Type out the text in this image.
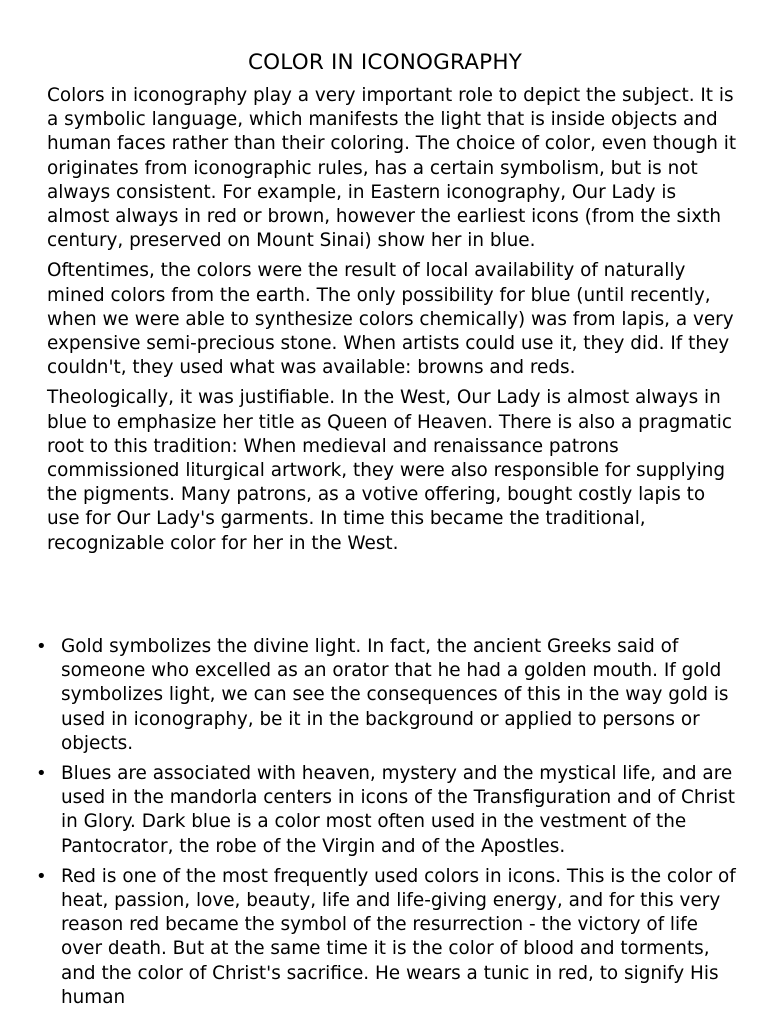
COLOR IN ICONOGRAPHY

Colors in iconography play a very important role to depict the subject. It is a symbolic language, which manifests the light that is inside objects and human faces rather than their coloring. The choice of color, even though it originates from iconographic rules, has a certain symbolism, but is not always consistent. For example, in Eastern iconography, Our Lady is almost always in red or brown, however the earliest icons (from the sixth century, preserved on Mount Sinai) show her in blue.

Oftentimes, the colors were the result of local availability of naturally mined colors from the earth. The only possibility for blue (until recently, when we were able to synthesize colors chemically) was from lapis, a very expensive semi-precious stone. When artists could use it, they did. If they couldn't, they used what was available: browns and reds.

Theologically, it was justifiable. In the West, Our Lady is almost always in blue to emphasize her title as Queen of Heaven. There is also a pragmatic root to this tradition: When medieval and renaissance patrons commissioned liturgical artwork, they were also responsible for supplying the pigments. Many patrons, as a votive offering, bought costly lapis to use for Our Lady's garments. In time this became the traditional, recognizable color for her in the West.

• Gold symbolizes the divine light. In fact, the ancient Greeks said of someone who excelled as an orator that he had a golden mouth. If gold symbolizes light, we can see the consequences of this in the way gold is used in iconography, be it in the background or applied to persons or objects.
• Blues are associated with heaven, mystery and the mystical life, and are used in the mandorla centers in icons of the Transfiguration and of Christ in Glory. Dark blue is a color most often used in the vestment of the Pantocrator, the robe of the Virgin and of the Apostles.
• Red is one of the most frequently used colors in icons. This is the color of heat, passion, love, beauty, life and life-giving energy, and for this very reason red became the symbol of the resurrection - the victory of life over death. But at the same time it is the color of blood and torments, and the color of Christ's sacrifice. He wears a tunic in red, to signify His human
